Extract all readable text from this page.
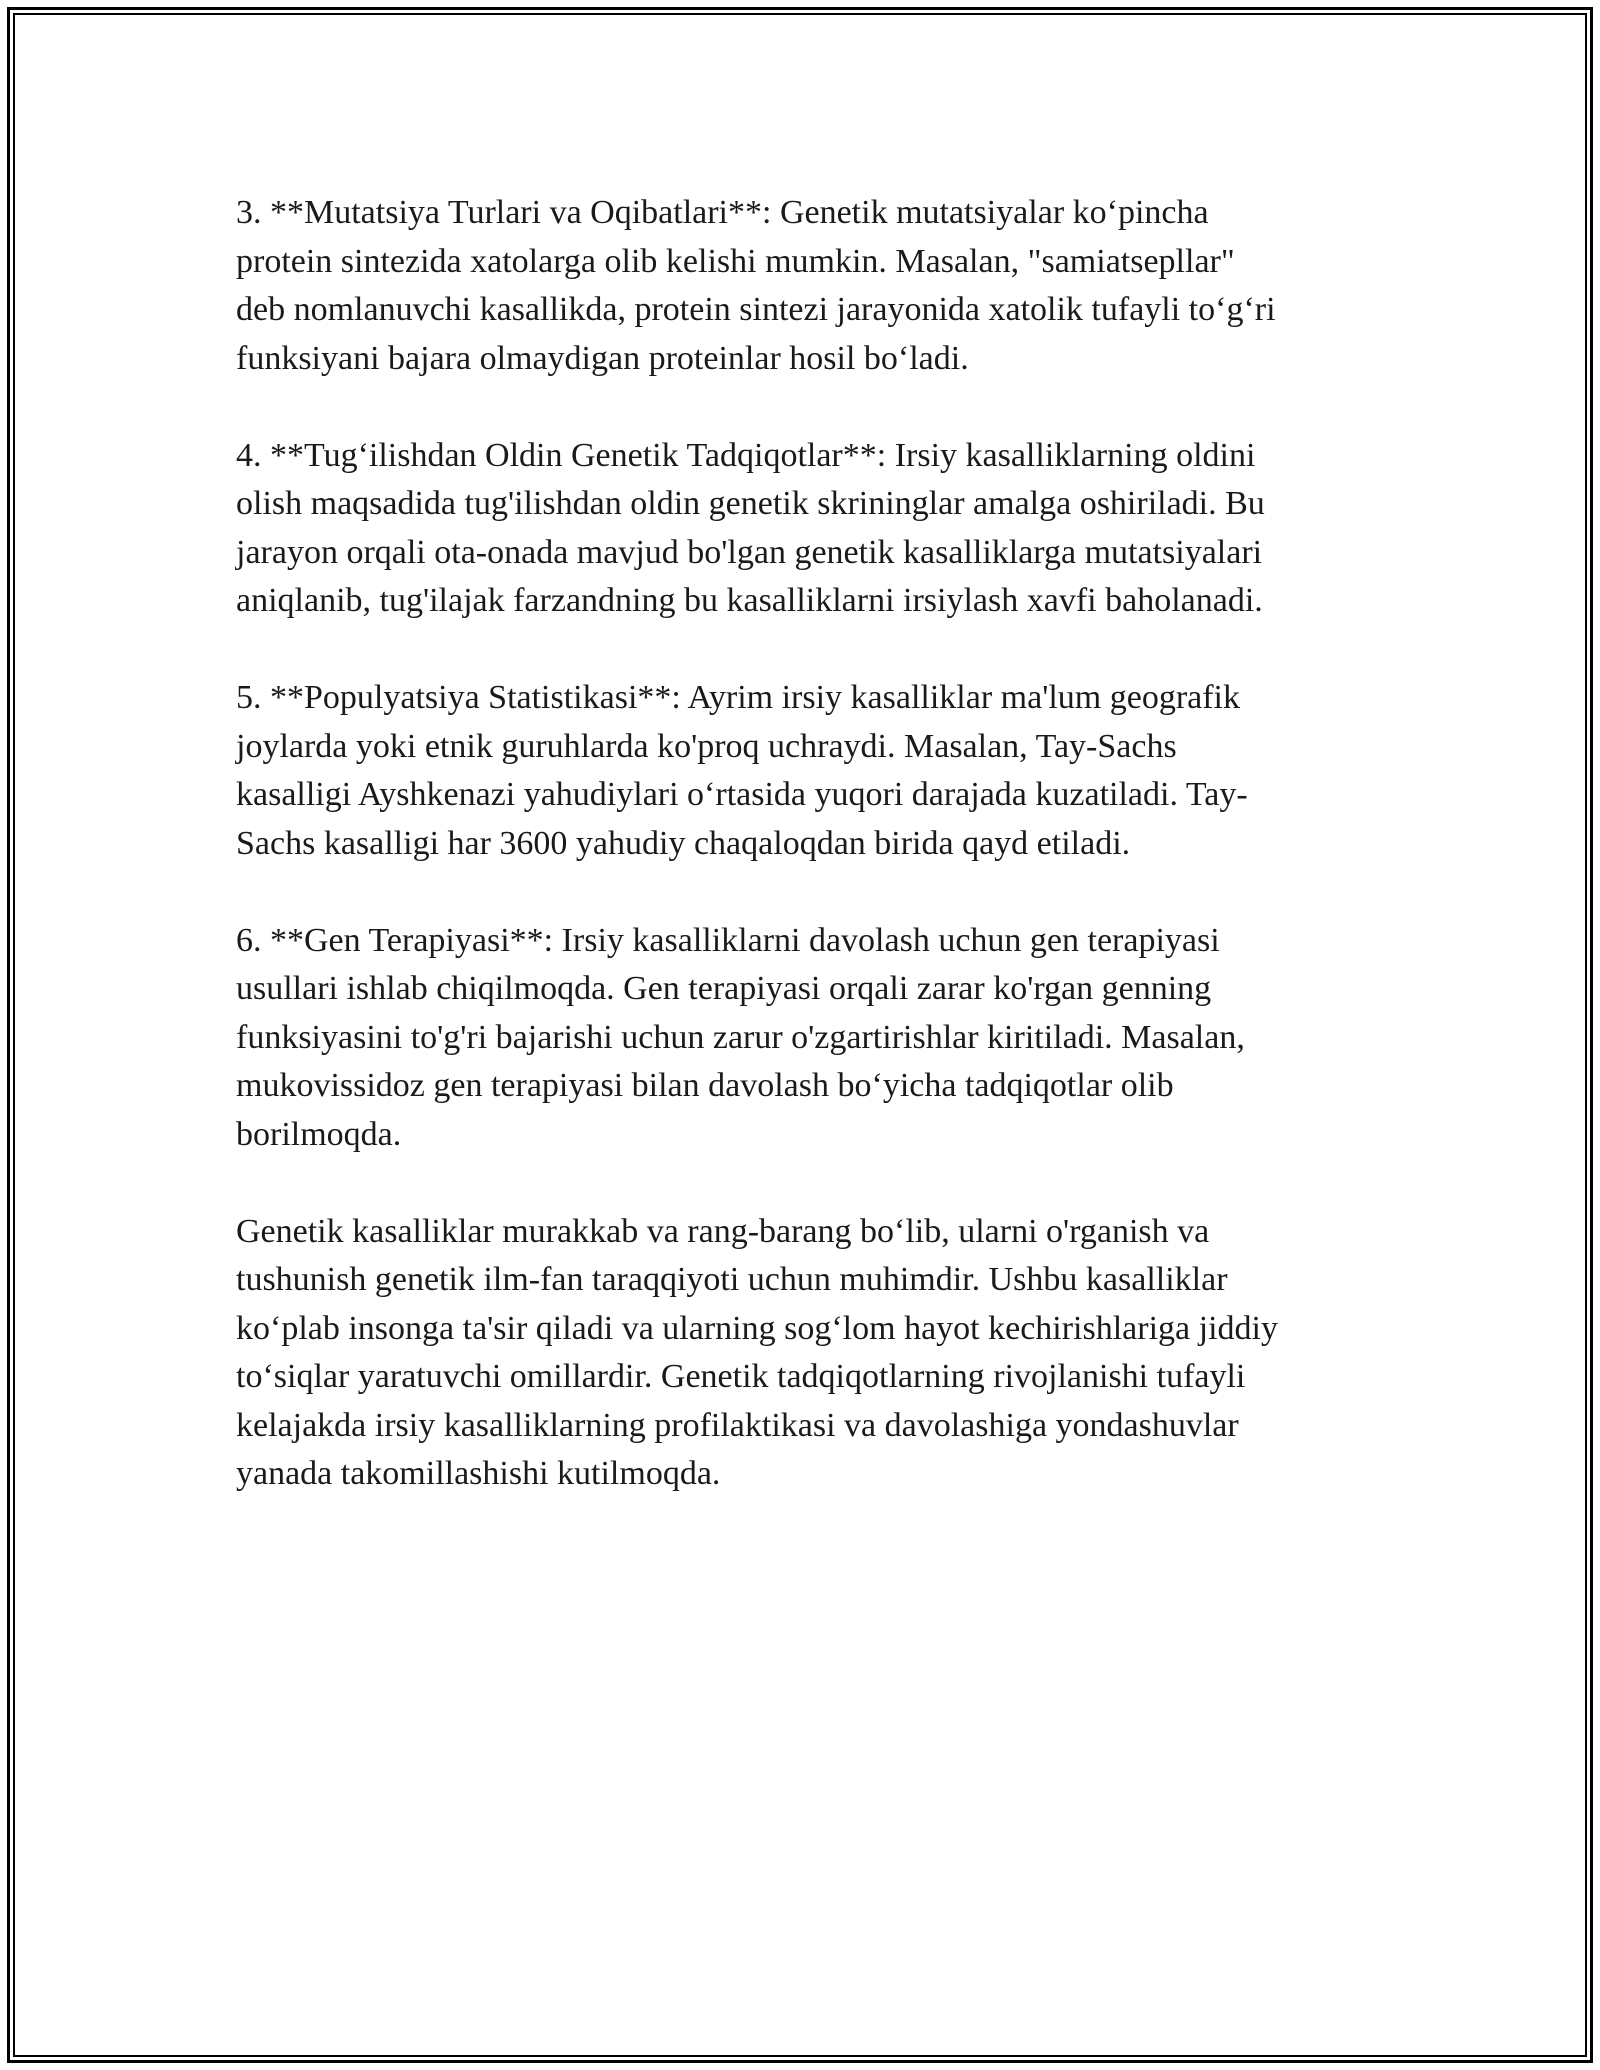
3. **Mutatsiya Turlari va Oqibatlari**: Genetik mutatsiyalar ko‘pincha
protein sintezida xatolarga olib kelishi mumkin. Masalan, "samiatsepllar"
deb nomlanuvchi kasallikda, protein sintezi jarayonida xatolik tufayli to‘g‘ri
funksiyani bajara olmaydigan proteinlar hosil bo‘ladi.

4. **Tug‘ilishdan Oldin Genetik Tadqiqotlar**: Irsiy kasalliklarning oldini
olish maqsadida tug'ilishdan oldin genetik skrininglar amalga oshiriladi. Bu
jarayon orqali ota-onada mavjud bo'lgan genetik kasalliklarga mutatsiyalari
aniqlanib, tug'ilajak farzandning bu kasalliklarni irsiylash xavfi baholanadi.

5. **Populyatsiya Statistikasi**: Ayrim irsiy kasalliklar ma'lum geografik
joylarda yoki etnik guruhlarda ko'proq uchraydi. Masalan, Tay-Sachs
kasalligi Ayshkenazi yahudiylari o‘rtasida yuqori darajada kuzatiladi. Tay-
Sachs kasalligi har 3600 yahudiy chaqaloqdan birida qayd etiladi.

6. **Gen Terapiyasi**: Irsiy kasalliklarni davolash uchun gen terapiyasi
usullari ishlab chiqilmoqda. Gen terapiyasi orqali zarar ko'rgan genning
funksiyasini to'g'ri bajarishi uchun zarur o'zgartirishlar kiritiladi. Masalan,
mukovissidoz gen terapiyasi bilan davolash bo‘yicha tadqiqotlar olib
borilmoqda.

Genetik kasalliklar murakkab va rang-barang bo‘lib, ularni o'rganish va
tushunish genetik ilm-fan taraqqiyoti uchun muhimdir. Ushbu kasalliklar
ko‘plab insonga ta'sir qiladi va ularning sog‘lom hayot kechirishlariga jiddiy
to‘siqlar yaratuvchi omillardir. Genetik tadqiqotlarning rivojlanishi tufayli
kelajakda irsiy kasalliklarning profilaktikasi va davolashiga yondashuvlar
yanada takomillashishi kutilmoqda.
